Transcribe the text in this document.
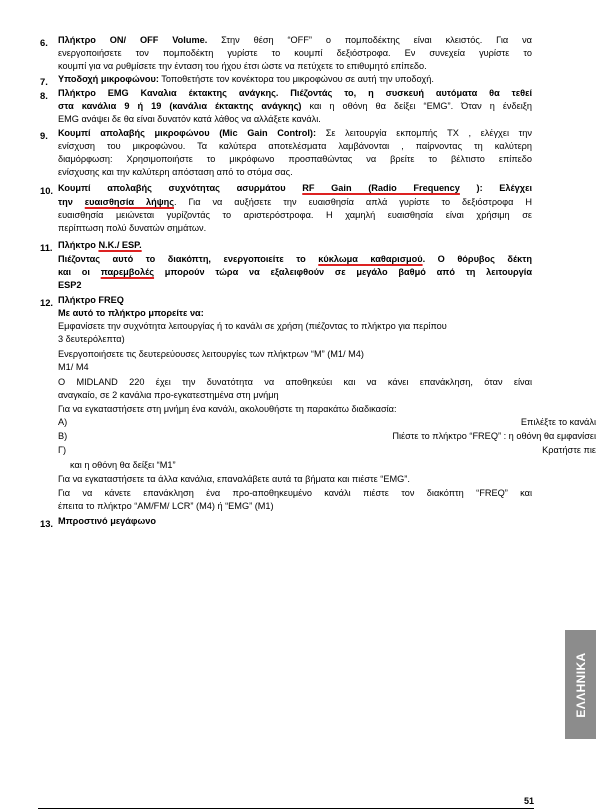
6. Πλήκτρο ON/ OFF Volume. Στην θέση “OFF” ο πομποδέκτης είναι κλειστός. Για να
ενεργοποιήσετε τον πομποδέκτη γυρίστε το κουμπί δεξιόστροφα. Εν συνεχεία γυρίστε το
κουμπί για να ρυθμίσετε την ένταση του ήχου έτσι ώστε να πετύχετε το επιθυμητό επίπεδο.
7. Υποδοχή μικροφώνου: Τοποθετήστε τον κονέκτορα του μικροφώνου σε αυτή την υποδοχή.
8. Πλήκτρο EMG Καναλια έκτακτης ανάγκης. Πιέζοντάς το, η συσκευή αυτόματα θα τεθεί
στα κανάλια 9 ή 19 (κανάλια έκτακτης ανάγκης) και η οθόνη θα δείξει “EMG”. Όταν η ένδειξη
EMG ανάψει δε θα είναι δυνατόν κατά λάθος να αλλάξετε κανάλι.
9. Κουμπί απολαβής μικροφώνου (Mic Gain Control): Σε λειτουργία εκπομπής TX , ελέγχει την
ενίσχυση του μικροφώνου. Τα καλύτερα αποτελέσματα λαμβάνονται , παίρνοντας τη καλύτερη
διαμόρφωση: Χρησιμοποιήστε το μικρόφωνο προσπαθώντας να βρείτε το βέλτιστο επίπεδο
ενίσχυσης και την καλύτερη απόσταση από το στόμα σας.
10. Κουμπί απολαβής συχνότητας ασυρμάτου RF Gain (Radio Frequency ): Ελέγχει
την ευαισθησία λήψης. Για να αυξήσετε την ευαισθησία απλά γυρίστε το δεξιόστροφα Η
ευαισθησία μειώνεται γυρίζοντάς το αριστερόστροφα. Η χαμηλή ευαισθησία είναι χρήσιμη σε
περίπτωση πολύ δυνατών σημάτων.
11. Πλήκτρο N.K./ ESP.
Πιέζοντας αυτό το διακόπτη, ενεργοποιείτε το κύκλωμα καθαρισμού. Ο θόρυβος δέκτη
και οι παρεμβολές μπορούν τώρα να εξαλειφθούν σε μεγάλο βαθμό από τη λειτουργία
ESP2
12. Πλήκτρο FREQ
Με αυτό το πλήκτρο μπορείτε να:
Εμφανίσετε την συχνότητα λειτουργίας ή το κανάλι σε χρήση (πιέζοντας το πλήκτρο για περίπου
3 δευτερόλεπτα)
Ενεργοποιήσετε τις δευτερεύουσες λειτουργίες των πλήκτρων “M” (M1/ M4)
M1/ M4
O MIDLAND 220 έχει την δυνατότητα να αποθηκεύει και να κάνει επανάκληση, όταν είναι
αναγκαίο, σε 2 κανάλια προ-εγκατεστημένα στη μνήμη
Για να εγκαταστήσετε στη μνήμη ένα κανάλι, ακολουθήστε τη παρακάτω διαδικασία:
A)	Επιλέξτε το κανάλι
B)	Πιέστε το πλήκτρο “FREQ” : η οθόνη θα εμφανίσει
Γ)	Κρατήστε πιε
και η οθόνη θα δείξει “M1”
Για να εγκαταστήσετε τα άλλα κανάλια, επαναλάβετε αυτά τα βήματα και πιέστε “EMG”.
Για να κάνετε επανάκληση ένα προ-αποθηκευμένο κανάλι πιέστε τον διακόπτη “FREQ” και
έπειτα το πλήκτρο “AM/FM/ LCR” (M4) ή “EMG” (M1)
13. Μπροστινό μεγάφωνο
ΕΛΛΗΝΙΚΑ
51
